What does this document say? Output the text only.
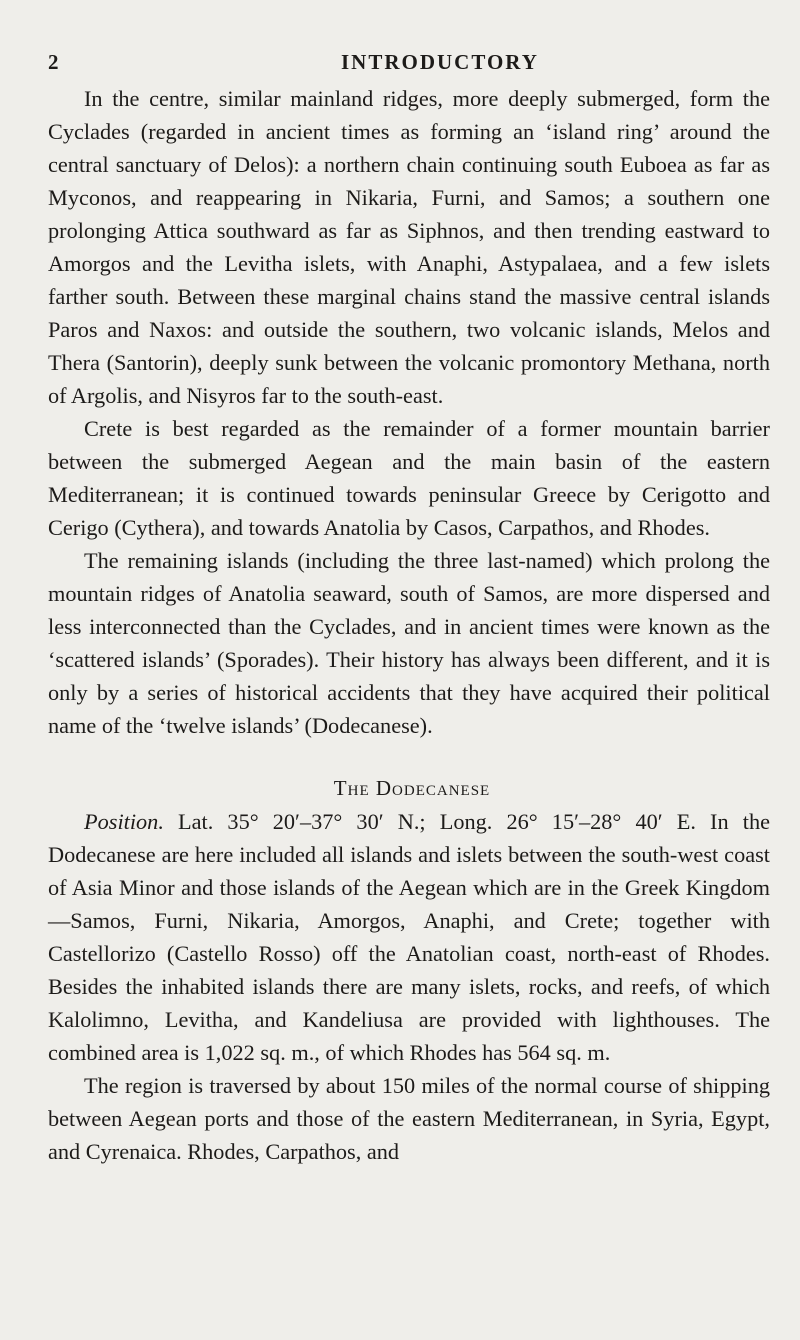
2	INTRODUCTORY

In the centre, similar mainland ridges, more deeply submerged, form the Cyclades (regarded in ancient times as forming an ‘island ring’ around the central sanctuary of Delos): a northern chain continuing south Euboea as far as Myconos, and reappearing in Nikaria, Furni, and Samos; a southern one prolonging Attica southward as far as Siphnos, and then trending eastward to Amorgos and the Levitha islets, with Anaphi, Astypalaea, and a few islets farther south. Between these marginal chains stand the massive central islands Paros and Naxos: and outside the southern, two volcanic islands, Melos and Thera (Santorin), deeply sunk between the volcanic promontory Methana, north of Argolis, and Nisyros far to the south-east.

Crete is best regarded as the remainder of a former mountain barrier between the submerged Aegean and the main basin of the eastern Mediterranean; it is continued towards peninsular Greece by Cerigotto and Cerigo (Cythera), and towards Anatolia by Casos, Carpathos, and Rhodes.

The remaining islands (including the three last-named) which prolong the mountain ridges of Anatolia seaward, south of Samos, are more dispersed and less interconnected than the Cyclades, and in ancient times were known as the ‘scattered islands’ (Sporades). Their history has always been different, and it is only by a series of historical accidents that they have acquired their political name of the ‘twelve islands’ (Dodecanese).

The Dodecanese

Position. Lat. 35° 20′–37° 30′ N.; Long. 26° 15′–28° 40′ E. In the Dodecanese are here included all islands and islets between the south-west coast of Asia Minor and those islands of the Aegean which are in the Greek Kingdom—Samos, Furni, Nikaria, Amorgos, Anaphi, and Crete; together with Castellorizo (Castello Rosso) off the Anatolian coast, north-east of Rhodes. Besides the inhabited islands there are many islets, rocks, and reefs, of which Kalolimno, Levitha, and Kandeliusa are provided with lighthouses. The combined area is 1,022 sq. m., of which Rhodes has 564 sq. m.

The region is traversed by about 150 miles of the normal course of shipping between Aegean ports and those of the eastern Mediterranean, in Syria, Egypt, and Cyrenaica. Rhodes, Carpathos, and
